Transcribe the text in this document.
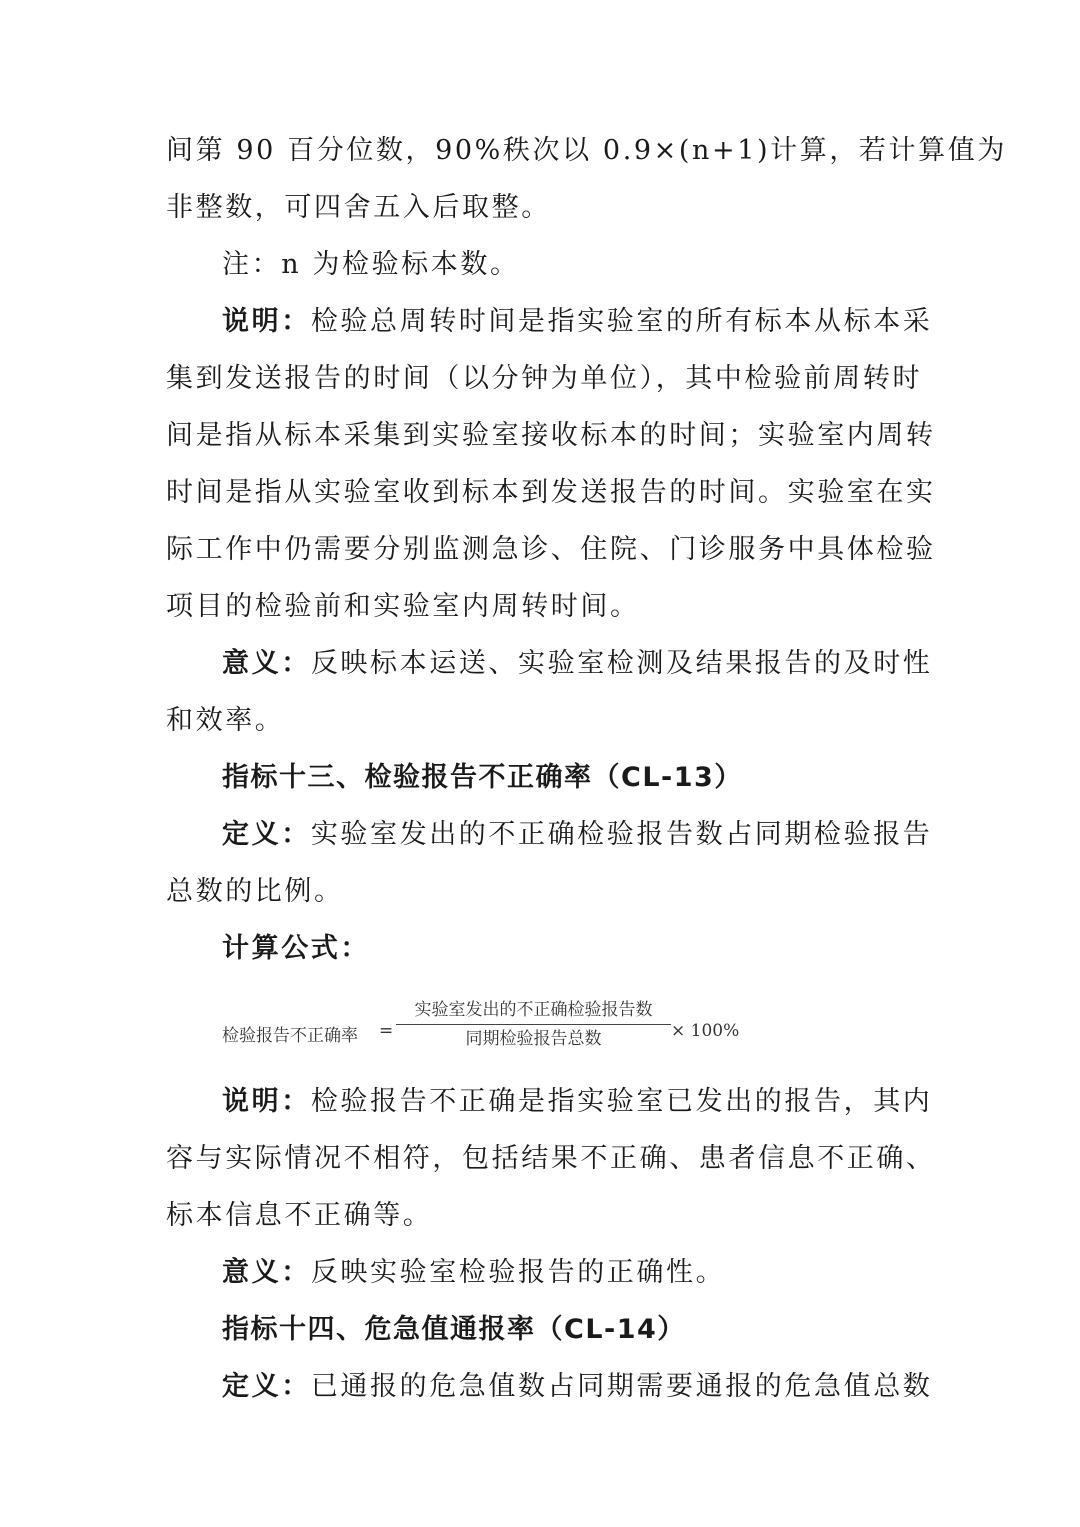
间第 90 百分位数，90%秩次以 0.9×(n+1)计算，若计算值为
非整数，可四舍五入后取整。
注：n 为检验标本数。
说明：检验总周转时间是指实验室的所有标本从标本采
集到发送报告的时间（以分钟为单位），其中检验前周转时
间是指从标本采集到实验室接收标本的时间；实验室内周转
时间是指从实验室收到标本到发送报告的时间。实验室在实
际工作中仍需要分别监测急诊、住院、门诊服务中具体检验
项目的检验前和实验室内周转时间。
意义：反映标本运送、实验室检测及结果报告的及时性
和效率。
指标十三、检验报告不正确率（CL-13）
定义：实验室发出的不正确检验报告数占同期检验报告
总数的比例。
计算公式：
检验报告不正确率 =
实验室发出的不正确检验报告数
同期检验报告总数	× 100%
说明：检验报告不正确是指实验室已发出的报告，其内
容与实际情况不相符，包括结果不正确、患者信息不正确、
标本信息不正确等。
意义：反映实验室检验报告的正确性。
指标十四、危急值通报率（CL-14）
定义：已通报的危急值数占同期需要通报的危急值总数
